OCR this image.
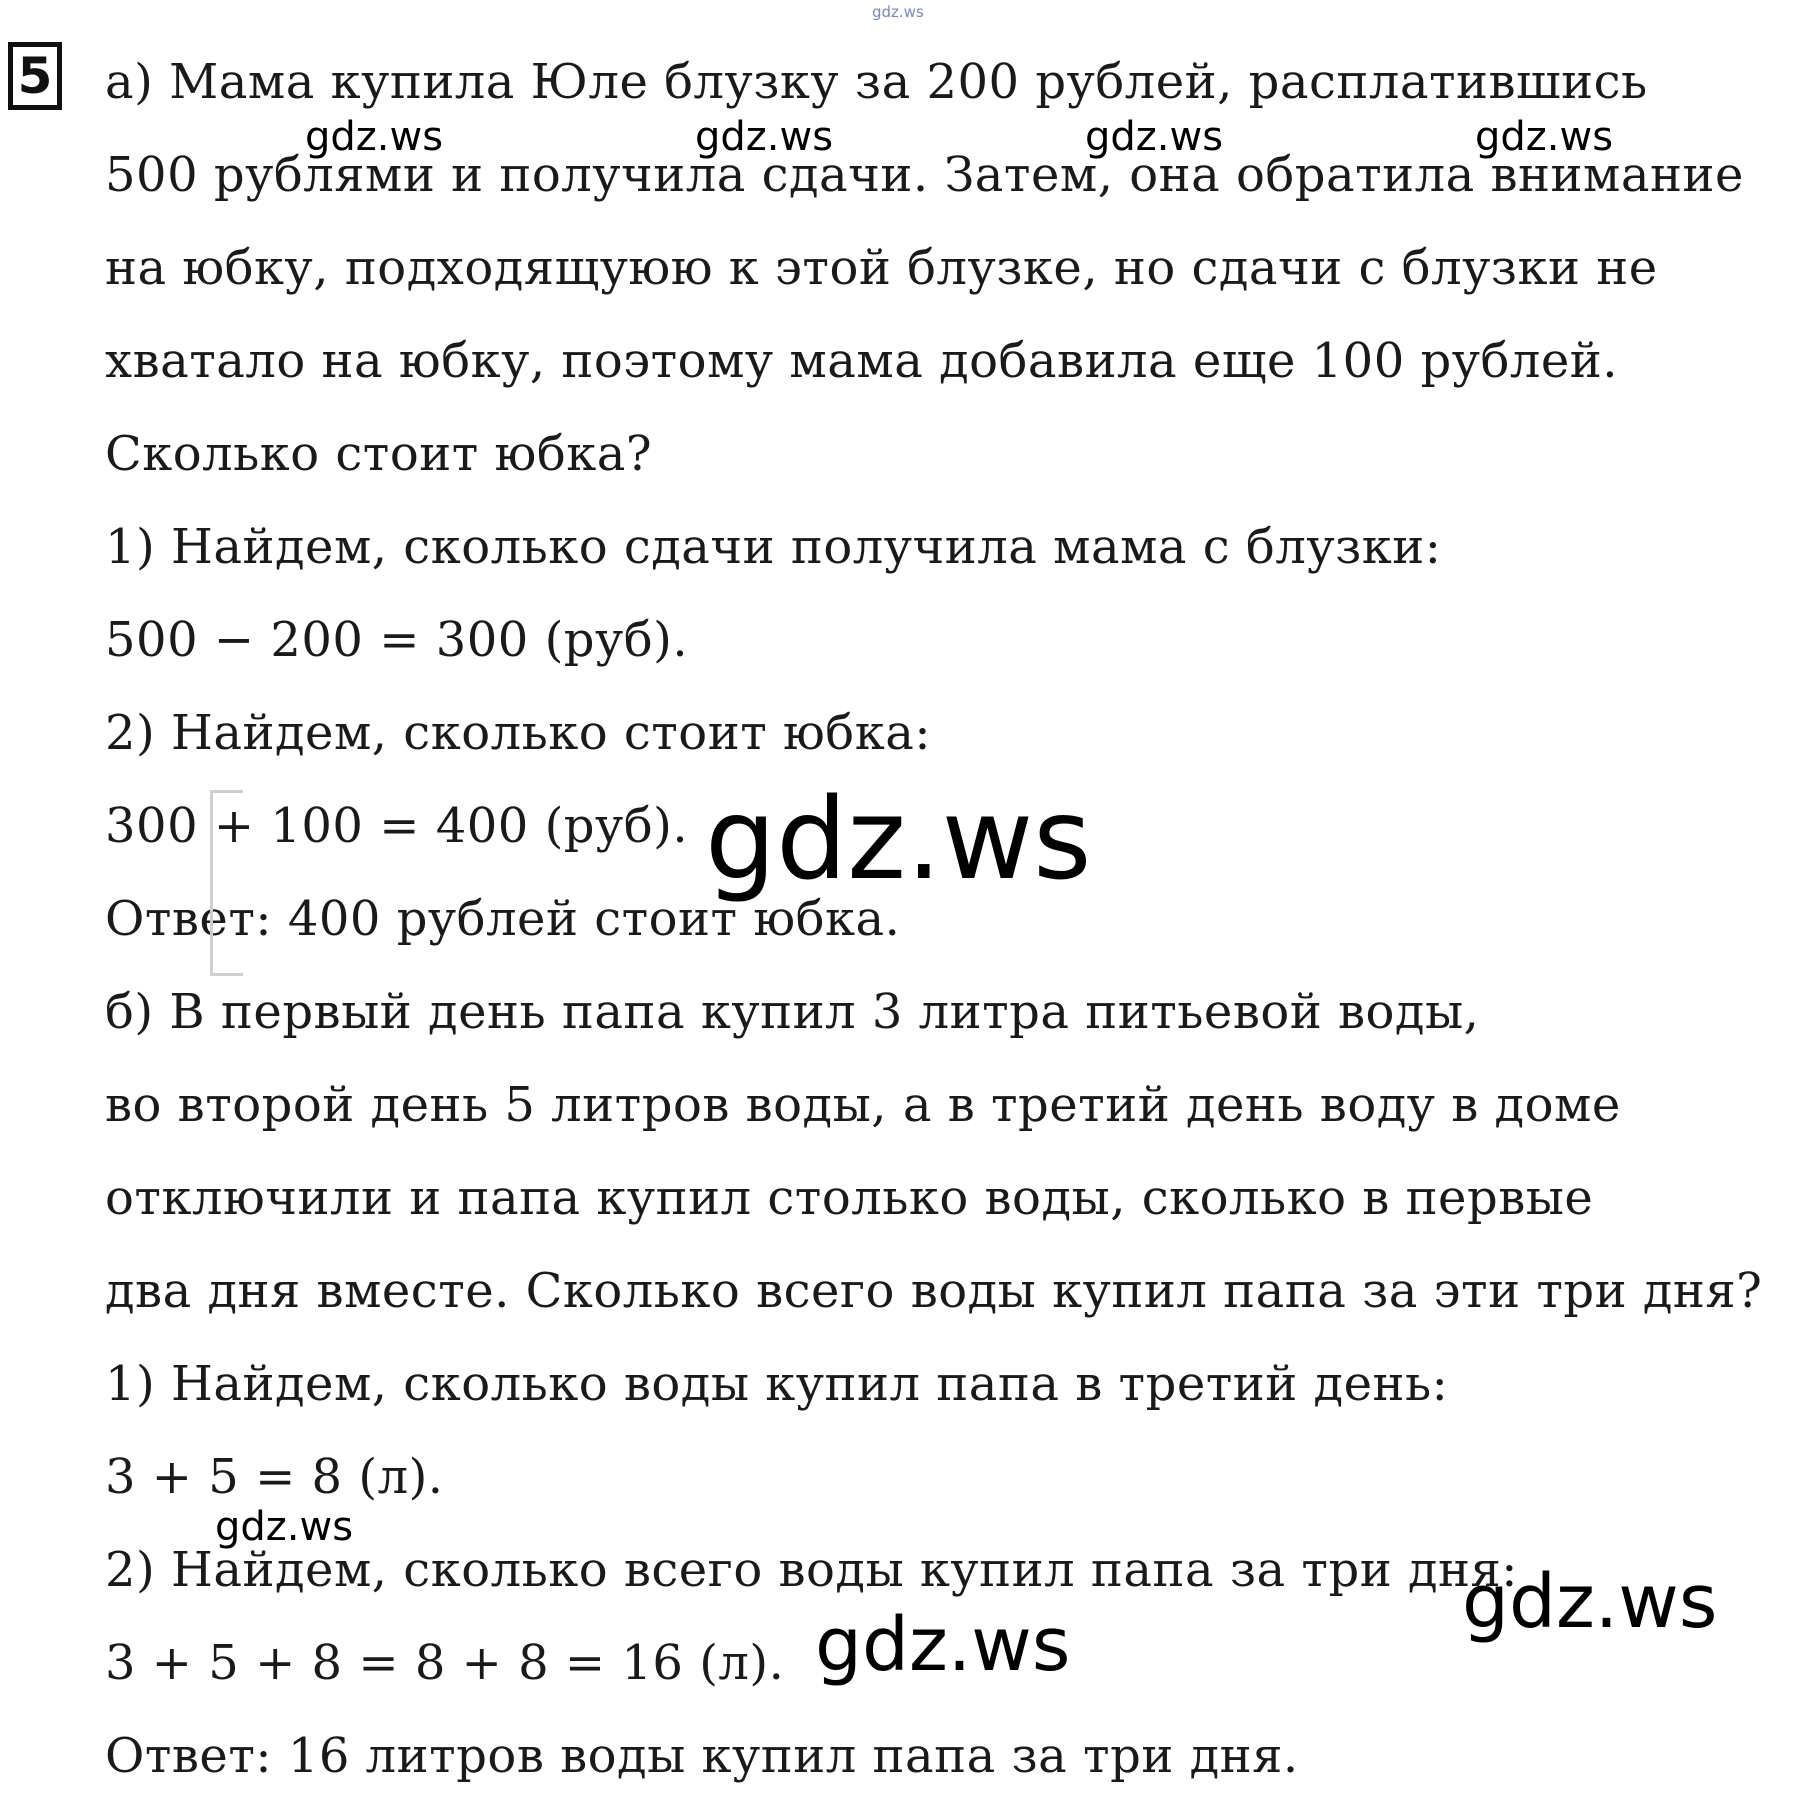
gdz.ws
5 а) Мама купила Юле блузку за 200 рублей, расплатившись
500 рублями и получила сдачи. Затем, она обратила внимание
на юбку, подходящуюю к этой блузке, но сдачи с блузки не
хватало на юбку, поэтому мама добавила еще 100 рублей.
Сколько стоит юбка?
1) Найдем, сколько сдачи получила мама с блузки:
500 − 200 = 300 (руб).
2) Найдем, сколько стоит юбка:
300 + 100 = 400 (руб).
Ответ: 400 рублей стоит юбка.
б) В первый день папа купил 3 литра питьевой воды,
во второй день 5 литров воды, а в третий день воду в доме
отключили и папа купил столько воды, сколько в первые
два дня вместе. Сколько всего воды купил папа за эти три дня?
1) Найдем, сколько воды купил папа в третий день:
3 + 5 = 8 (л).
2) Найдем, сколько всего воды купил папа за три дня:
3 + 5 + 8 = 8 + 8 = 16 (л).
Ответ: 16 литров воды купил папа за три дня.
gdz.ws	gdz.ws	gdz.ws	gdz.ws
gdz.ws
gdz.ws
gdz.ws	gdz.ws
